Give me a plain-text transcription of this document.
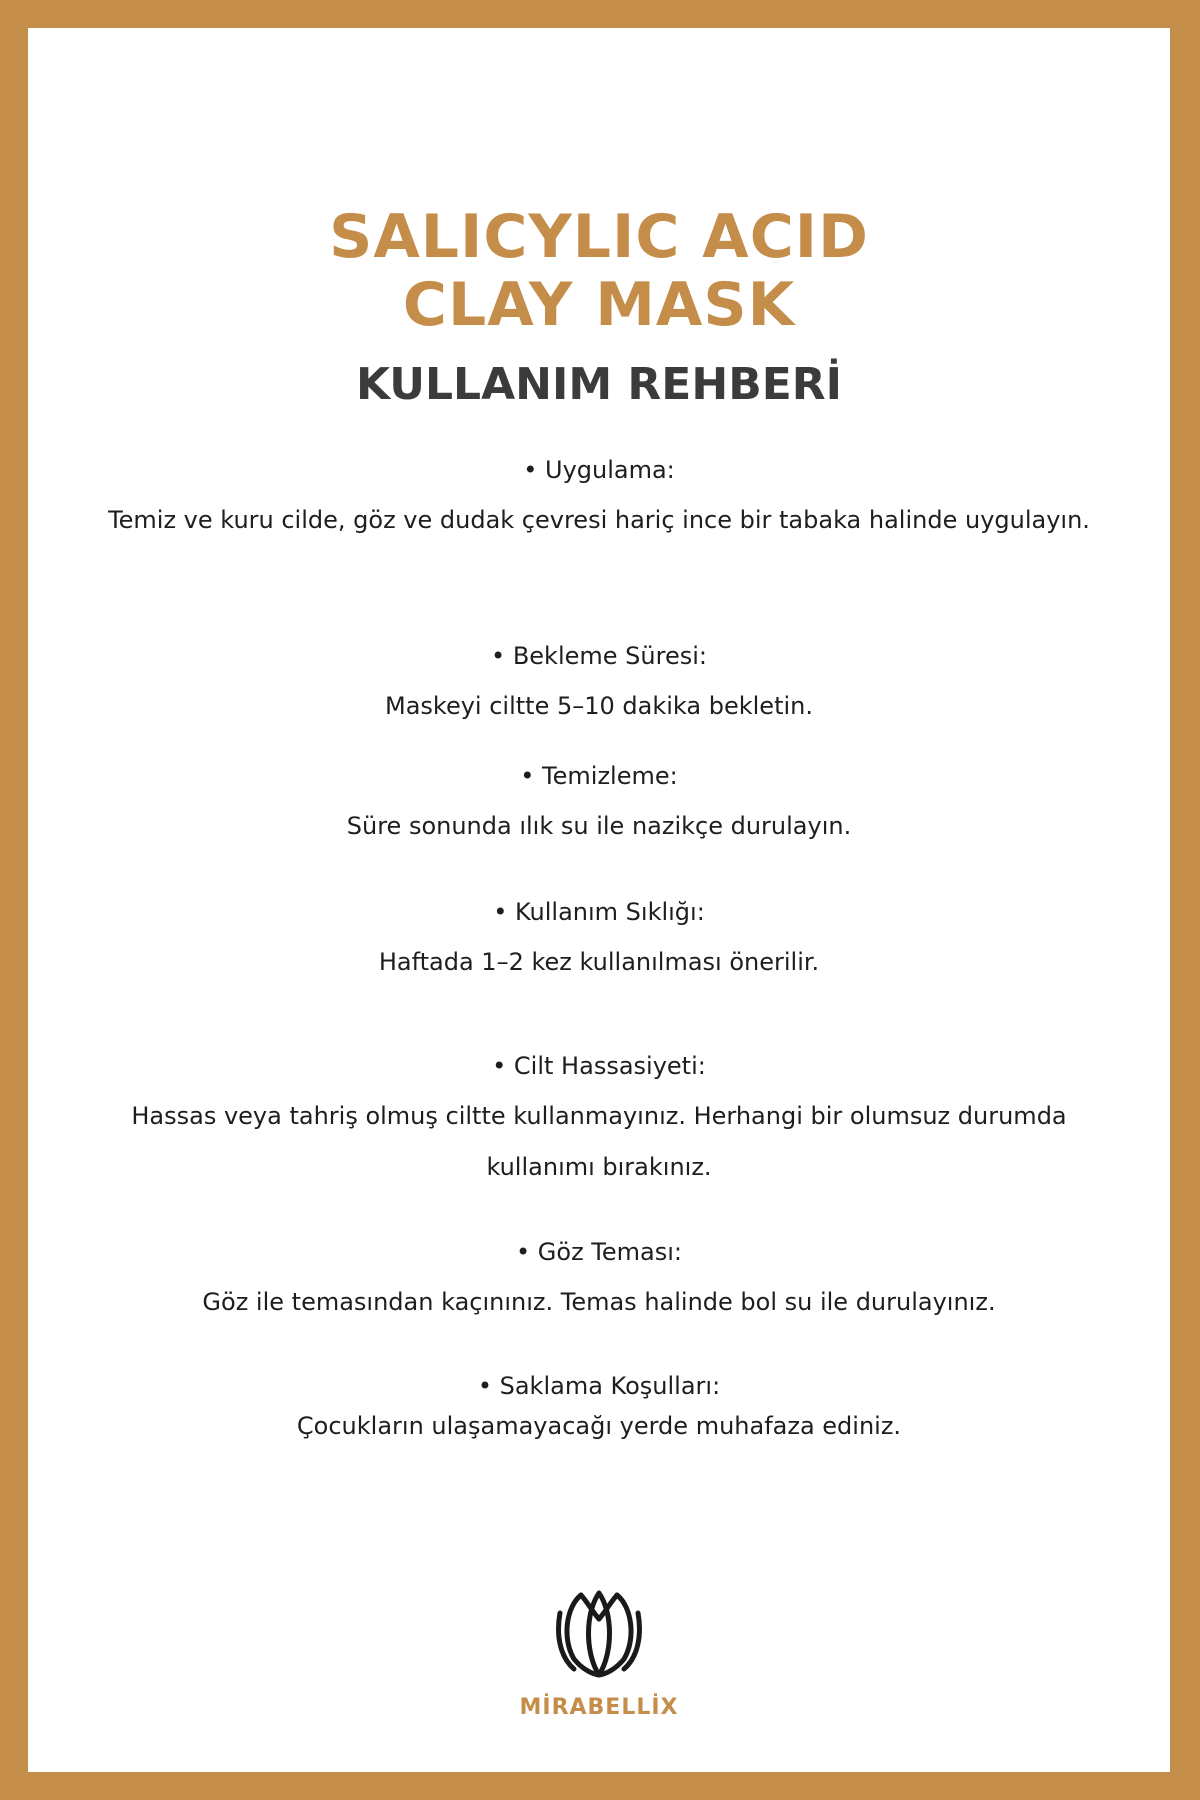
SALICYLIC ACID
CLAY MASK
KULLANIM REHBERİ

• Uygulama:

Temiz ve kuru cilde, göz ve dudak çevresi hariç ince bir tabaka halinde uygulayın.

• Bekleme Süresi:

Maskeyi ciltte 5–10 dakika bekletin.

• Temizleme:

Süre sonunda ılık su ile nazikçe durulayın.

• Kullanım Sıklığı:

Haftada 1–2 kez kullanılması önerilir.

• Cilt Hassasiyeti:

Hassas veya tahriş olmuş ciltte kullanmayınız. Herhangi bir olumsuz durumda kullanımı bırakınız.

• Göz Teması:

Göz ile temasından kaçınınız. Temas halinde bol su ile durulayınız.

• Saklama Koşulları:

Çocukların ulaşamayacağı yerde muhafaza ediniz.

MİRABELLİX
